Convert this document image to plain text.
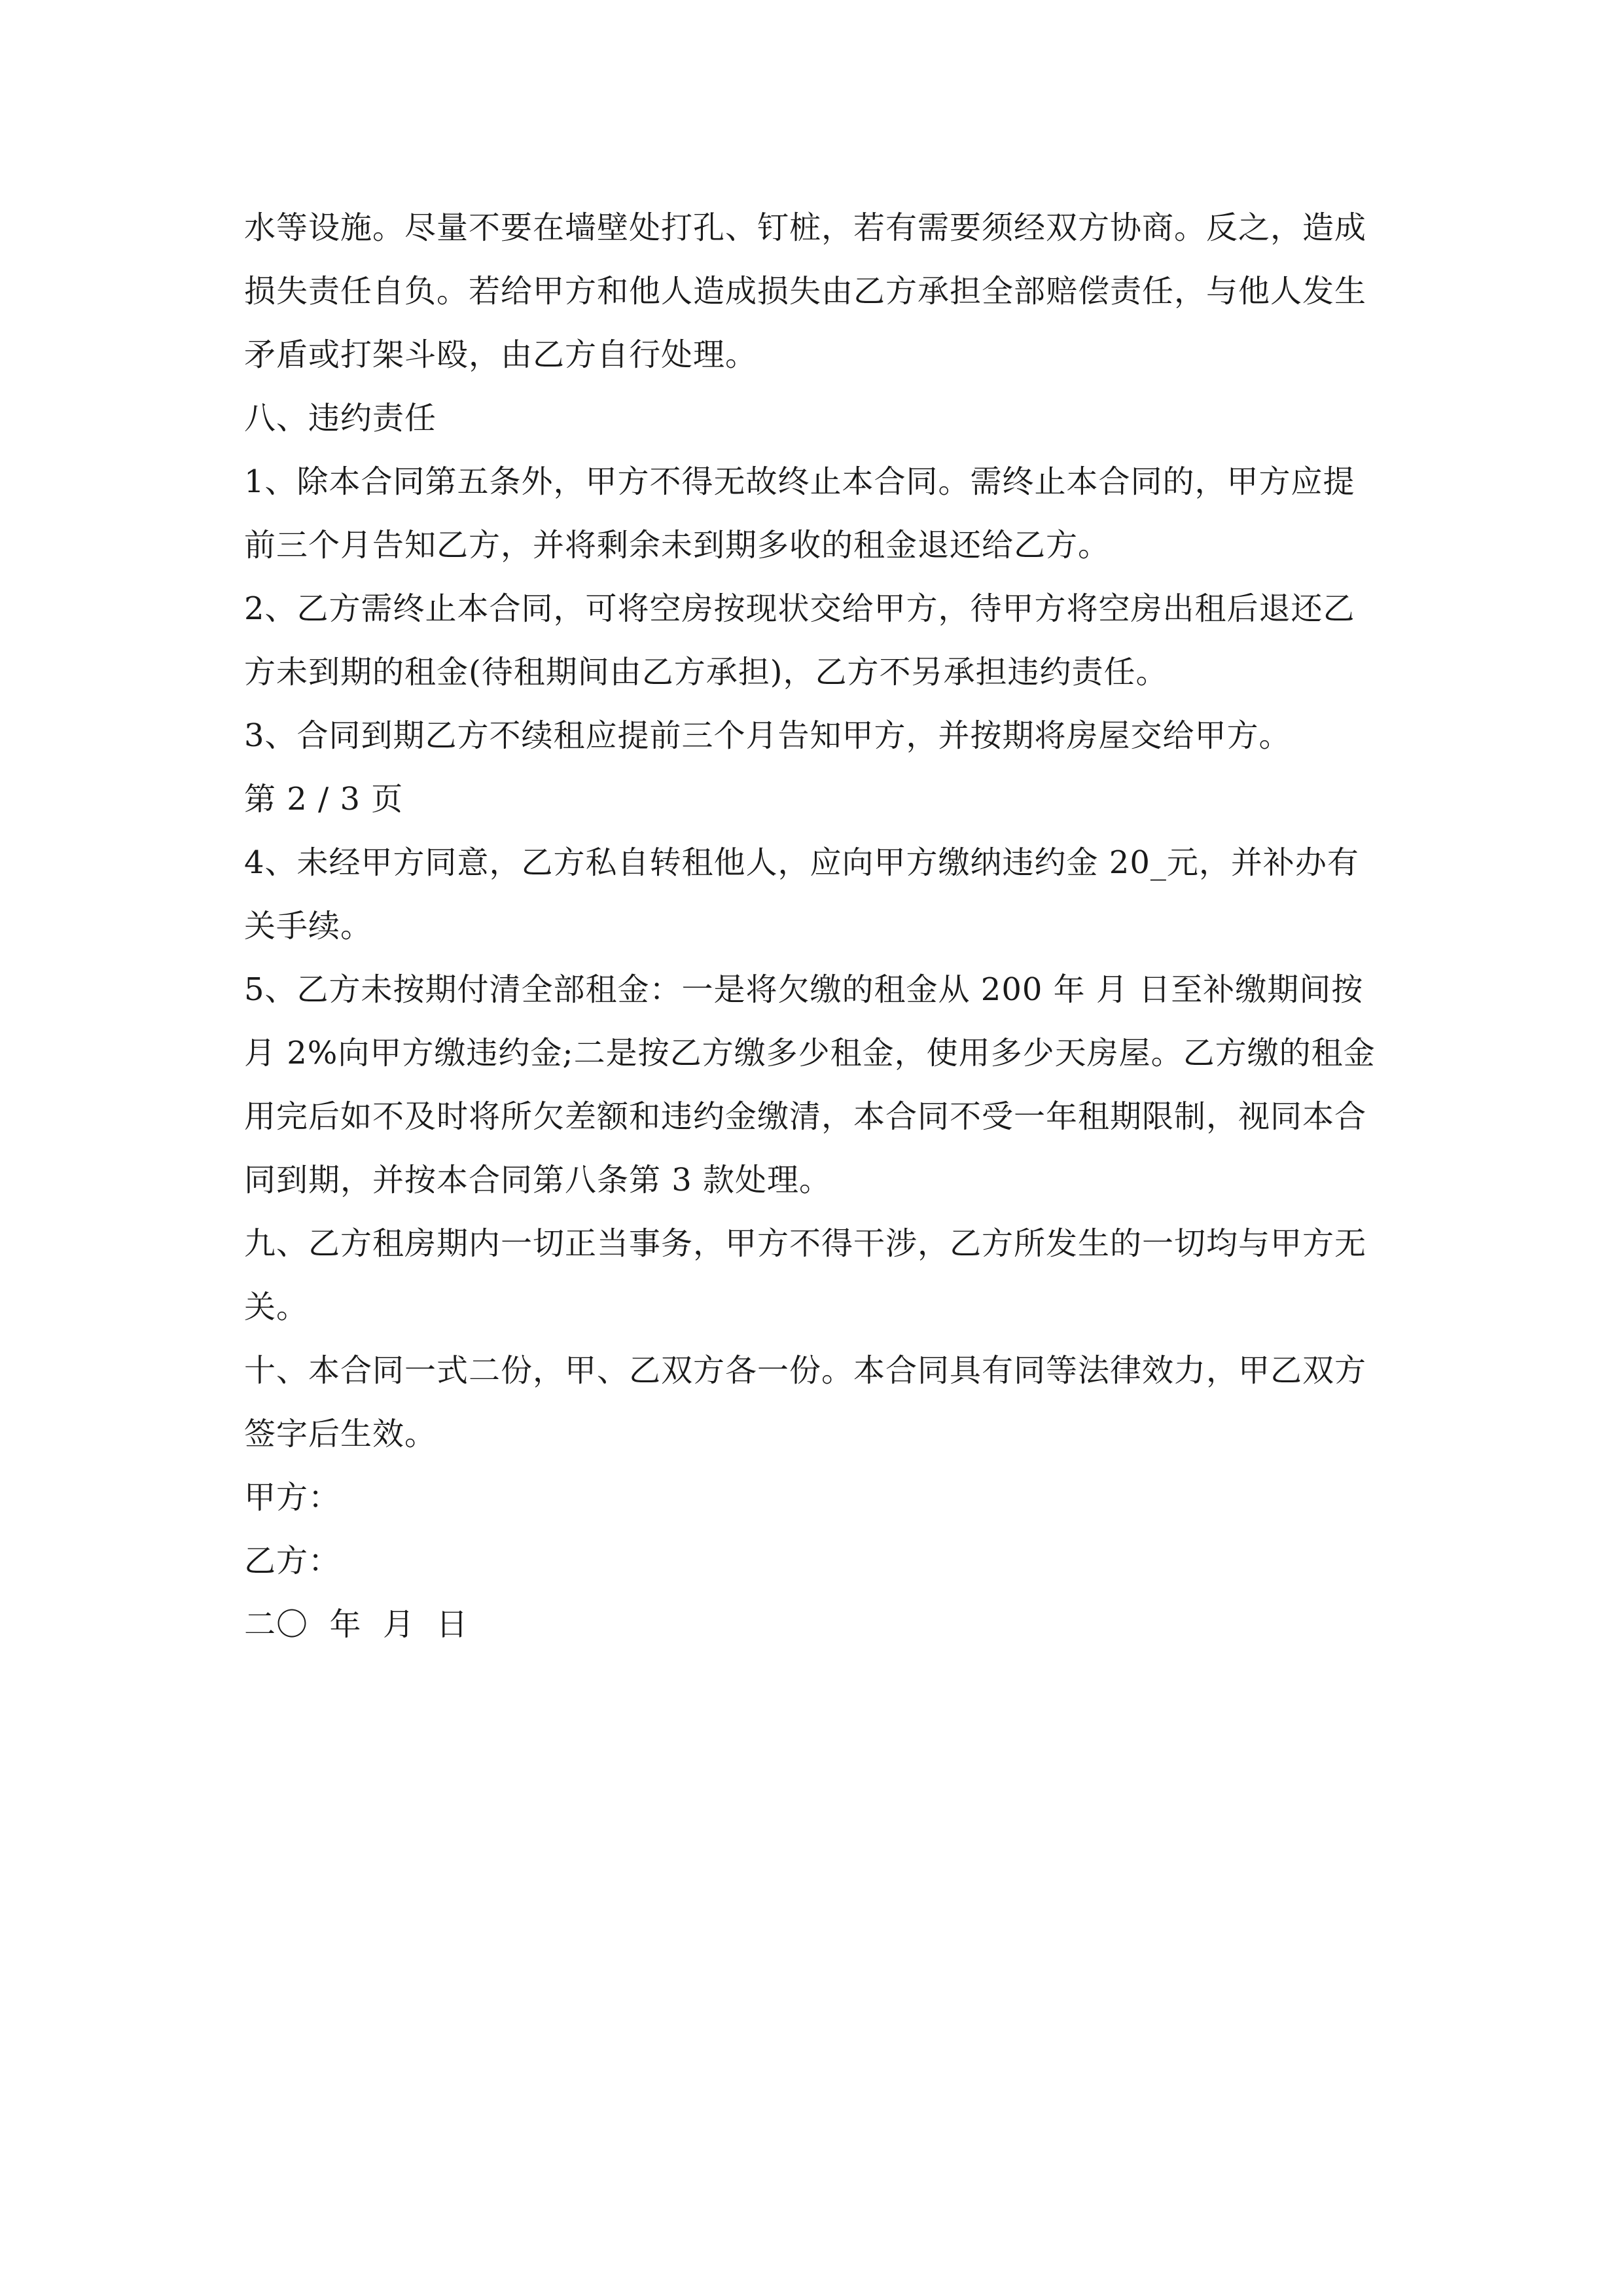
水等设施。尽量不要在墙壁处打孔、钉桩，若有需要须经双方协商。反之，造成
损失责任自负。若给甲方和他人造成损失由乙方承担全部赔偿责任，与他人发生
矛盾或打架斗殴，由乙方自行处理。

八、违约责任

1、除本合同第五条外，甲方不得无故终止本合同。需终止本合同的，甲方应提
前三个月告知乙方，并将剩余未到期多收的租金退还给乙方。

2、乙方需终止本合同，可将空房按现状交给甲方，待甲方将空房出租后退还乙
方未到期的租金(待租期间由乙方承担)，乙方不另承担违约责任。

3、合同到期乙方不续租应提前三个月告知甲方，并按期将房屋交给甲方。

第 2 / 3 页

4、未经甲方同意，乙方私自转租他人，应向甲方缴纳违约金 20_元，并补办有
关手续。

5、乙方未按期付清全部租金：一是将欠缴的租金从 200 年 月 日至补缴期间按
月 2%向甲方缴违约金;二是按乙方缴多少租金，使用多少天房屋。乙方缴的租金
用完后如不及时将所欠差额和违约金缴清，本合同不受一年租期限制，视同本合
同到期，并按本合同第八条第 3 款处理。

九、乙方租房期内一切正当事务，甲方不得干涉，乙方所发生的一切均与甲方无
关。

十、本合同一式二份，甲、乙双方各一份。本合同具有同等法律效力，甲乙双方
签字后生效。

甲方：

乙方：

二〇  年  月  日
